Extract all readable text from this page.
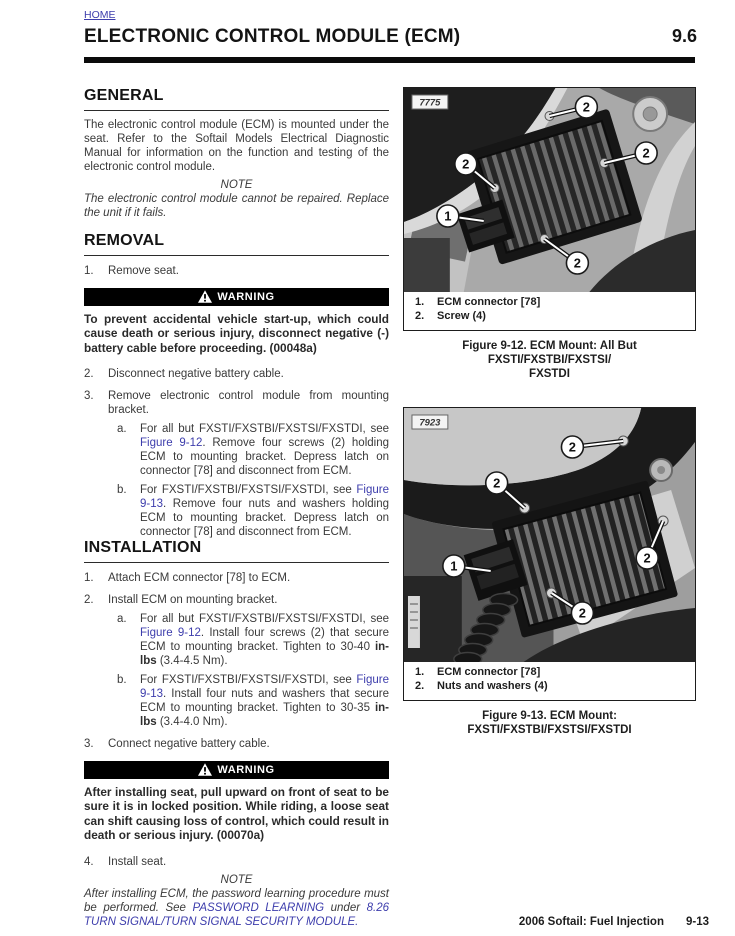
HOME
ELECTRONIC CONTROL MODULE (ECM)	9.6
GENERAL

The electronic control module (ECM) is mounted under the seat. Refer to the Softail Models Electrical Diagnostic Manual for information on the function and testing of the electronic control module.

NOTE

The electronic control module cannot be repaired. Replace the unit if it fails.

REMOVAL
1.	Remove seat.
WARNING

To prevent accidental vehicle start-up, which could cause death or serious injury, disconnect negative (-) battery cable before proceeding. (00048a)

2.	Disconnect negative battery cable.
3.	Remove electronic control module from mounting bracket.
a.	For all but FXSTI/FXSTBI/FXSTSI/FXSTDI, see Figure 9-12. Remove four screws (2) holding ECM to mounting bracket. Depress latch on connector [78] and disconnect from ECM.
b.	For FXSTI/FXSTBI/FXSTSI/FXSTDI, see Figure 9-13. Remove four nuts and washers holding ECM to mounting bracket. Depress latch on connector [78] and disconnect from ECM.
INSTALLATION
1.	Attach ECM connector [78] to ECM.
2.	Install ECM on mounting bracket.
a.	For all but FXSTI/FXSTBI/FXSTSI/FXSTDI, see Figure 9-12. Install four screws (2) that secure ECM to mounting bracket. Tighten to 30-40 in-lbs (3.4-4.5 Nm).
b.	For FXSTI/FXSTBI/FXSTSI/FXSTDI, see Figure 9-13. Install four nuts and washers that secure ECM to mounting bracket. Tighten to 30-35 in-lbs (3.4-4.0 Nm).
3.	Connect negative battery cable.
WARNING

After installing seat, pull upward on front of seat to be sure it is in locked position. While riding, a loose seat can shift causing loss of control, which could result in death or serious injury. (00070a)

4.	Install seat.
NOTE

After installing ECM, the password learning procedure must be performed. See PASSWORD LEARNING under 8.26 TURN SIGNAL/TURN SIGNAL SECURITY MODULE.

2
2
2
1
2
7775
1.	ECM connector [78]
2.	Screw (4)
Figure 9-12. ECM Mount: All But FXSTI/FXSTBI/FXSTSI/
FXSTDI
2
2
2
1
2
7923
1.	ECM connector [78]
2.	Nuts and washers (4)
Figure 9-13. ECM Mount: FXSTI/FXSTBI/FXSTSI/FXSTDI
2006 Softail: Fuel Injection 9-13
